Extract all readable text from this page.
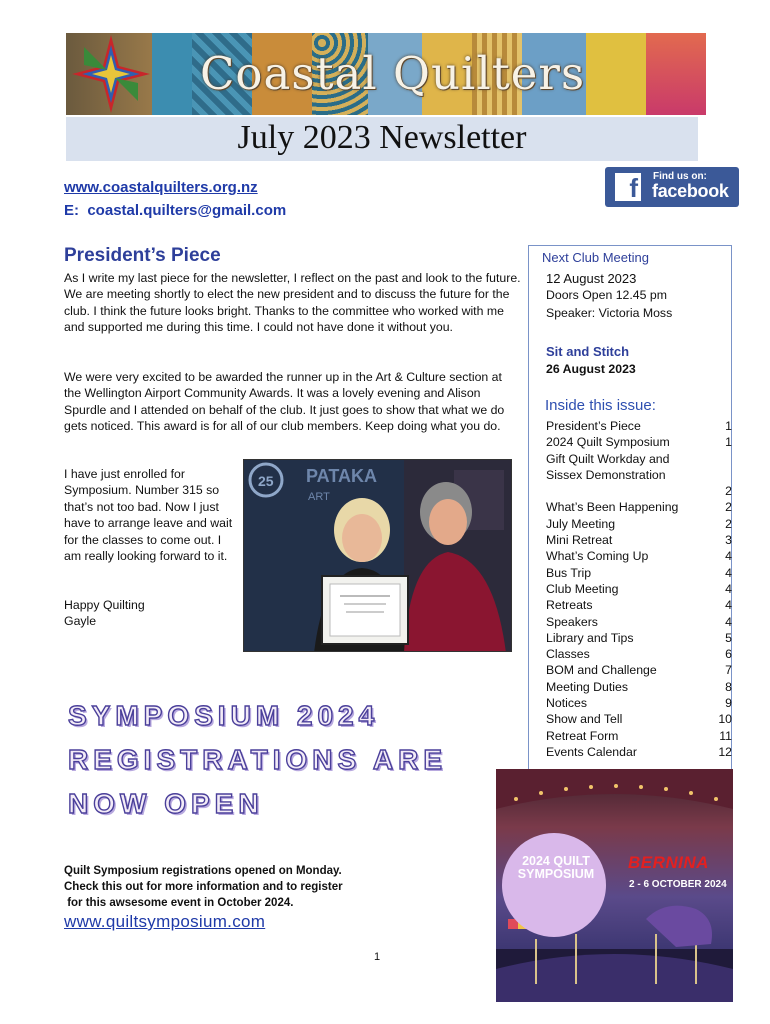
Coastal Quilters
July 2023 Newsletter
www.coastalquilters.org.nz
E: coastal.quilters@gmail.com
f	Find us on:
facebook
President’s Piece

As I write my last piece for the newsletter, I reflect on the past and look to the future. We are meeting shortly to elect the new president and to discuss the future for the club. I think the future looks bright. Thanks to the committee who worked with me and supported me during this time. I could not have done it without you.

We were very excited to be awarded the runner up in the Art & Culture section at the Wellington Airport Community Awards. It was a lovely evening and Alison Spurdle and I attended on behalf of the club. It just goes to show that what we do gets noticed. This award is for all of our club members. Keep doing what you do.

I have just enrolled for Symposium. Number 315 so that’s not too bad. Now I just have to arrange leave and wait for the classes to come out. I am really looking forward to it.

Happy Quilting

Gayle

25 PATAKA
ART
SYMPOSIUM 2024
REGISTRATIONS ARE
NOW OPEN
Quilt Symposium registrations opened on Monday.
Check this out for more information and to register
for this awsesome event in October 2024.
www.quiltsymposium.com
1
Next Club Meeting
12 August 2023
Doors Open 12.45 pm
Speaker: Victoria Moss
Sit and Stitch
26 August 2023
Inside this issue:
President’s Piece	1
2024 Quilt Symposium	1
Gift Quilt Workday and Sissex Demonstration
2
What’s Been Happening	2
July Meeting	2
Mini Retreat	3
What’s Coming Up	4
Bus Trip	4
Club Meeting	4
Retreats	4
Speakers	4
Library and Tips	5
Classes	6
BOM and Challenge	7
Meeting Duties	8
Notices	9
Show and Tell	10
Retreat Form	11
Events Calendar	12
2024 QUILT SYMPOSIUM
BERNINA
2 - 6 OCTOBER 2024
